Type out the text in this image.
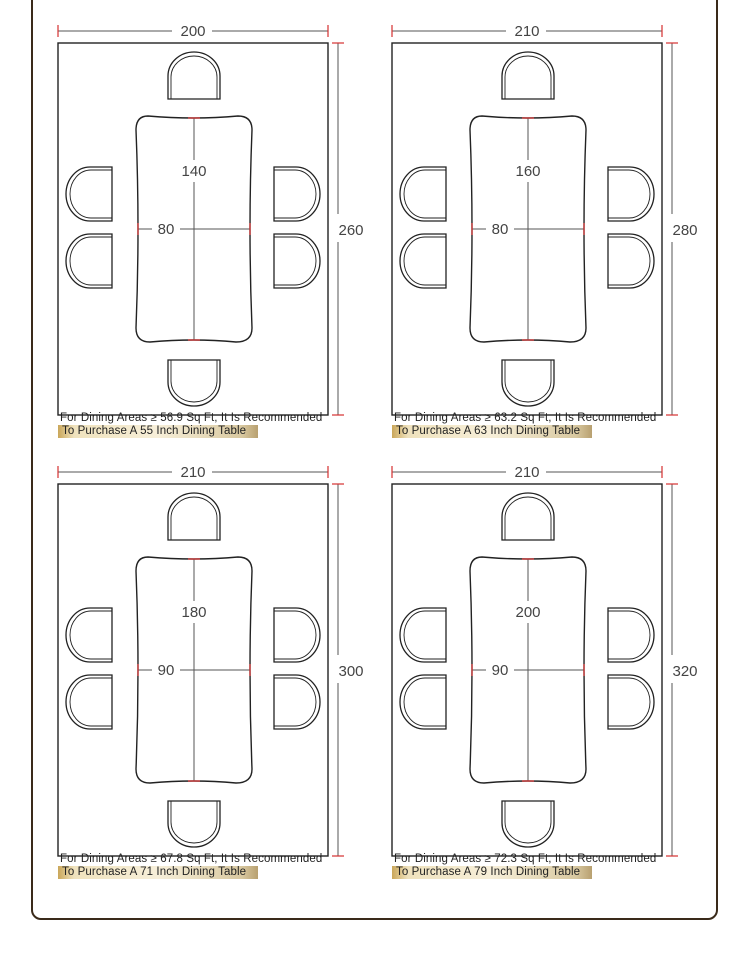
200
260
140
80
For Dining Areas ≥ 56.9 Sq Ft, It Is Recommended
To Purchase A 55 Inch Dining Table
210
280
160
80
For Dining Areas ≥ 63.2 Sq Ft, It Is Recommended
To Purchase A 63 Inch Dining Table
210
300
180
90
For Dining Areas ≥ 67.8 Sq Ft, It Is Recommended
To Purchase A 71 Inch Dining Table
210
320
200
90
For Dining Areas ≥ 72.3 Sq Ft, It Is Recommended
To Purchase A 79 Inch Dining Table
